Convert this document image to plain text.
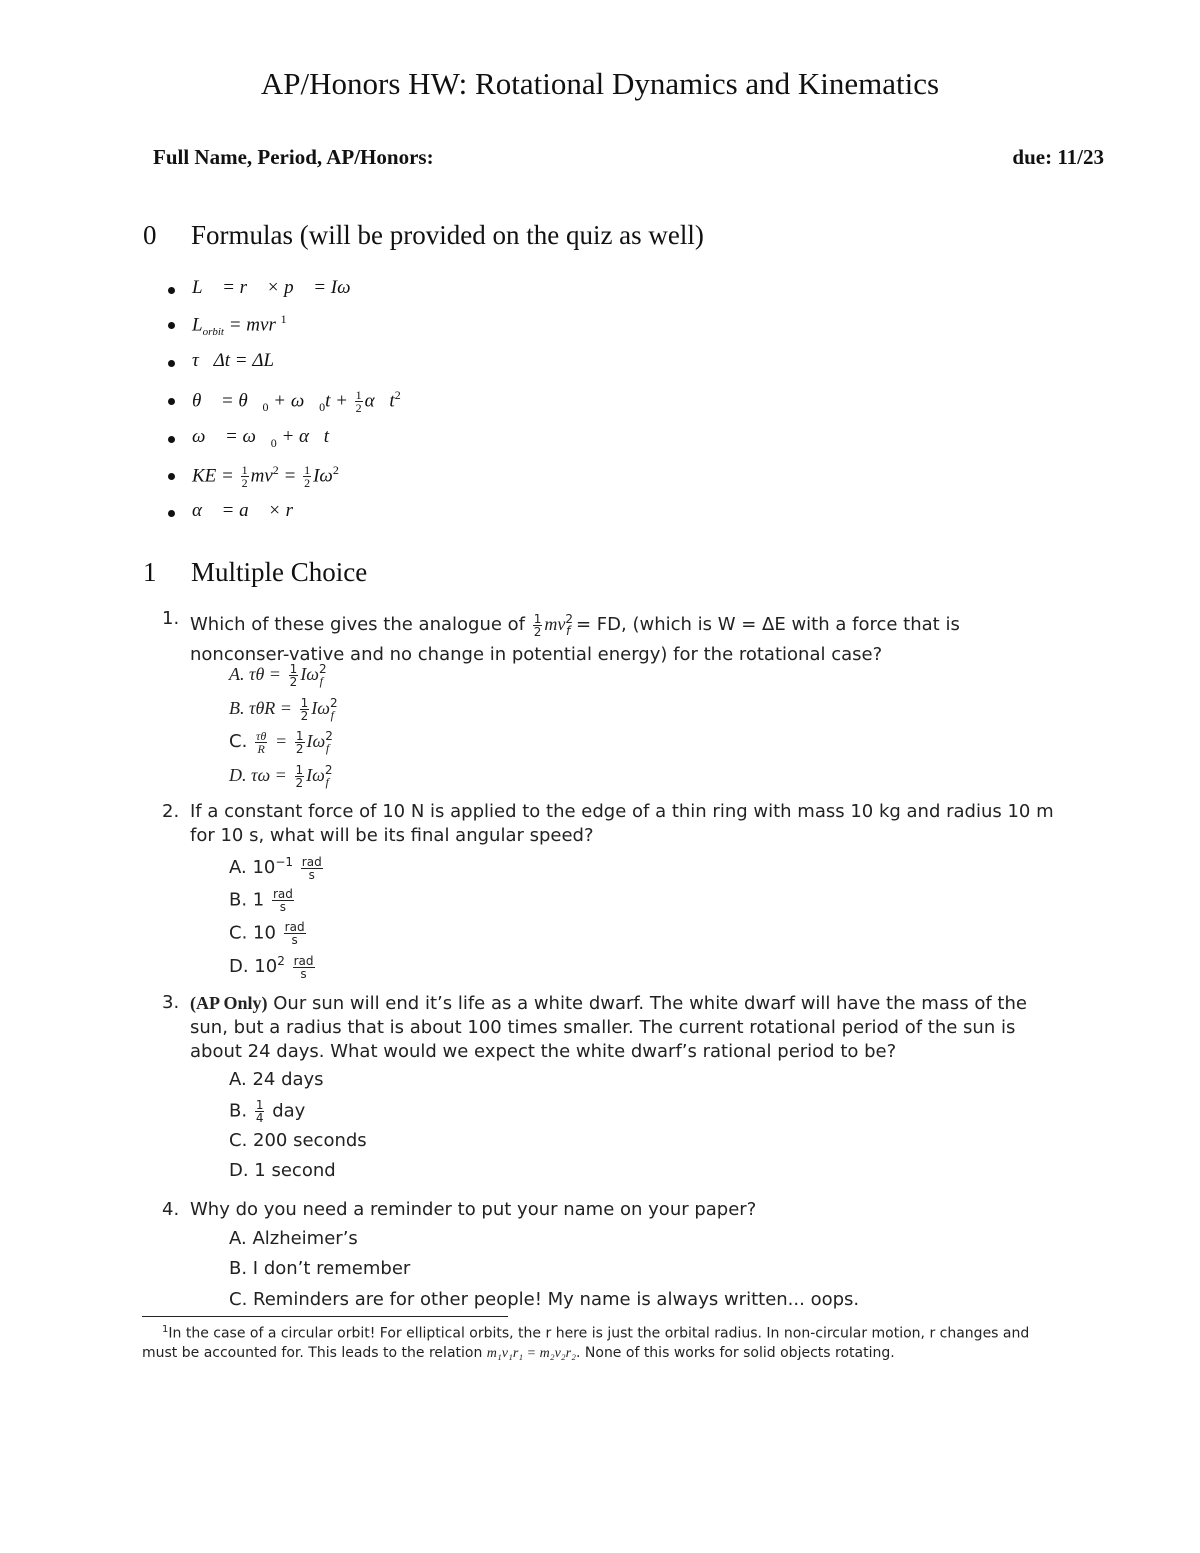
AP/Honors HW: Rotational Dynamics and Kinematics
Full Name, Period, AP/Honors:	due: 11/23
0 Formulas (will be provided on the quiz as well)
L⃗ = r⃗ × p⃗ = Iω⃗
$L_{orbit}$ = mvr $^1$
τ⃗Δt = ΔL⃗
θ⃗ = $\theta⃗_0$ + $\omega⃗_0t + \frac{1}{2}$ $\alpha⃗t^2$
ω⃗ = $\omega⃗_0$ + α⃗t
KE = $\frac{1}{2} mv^2 = \frac{1}{2} I\omega^2$
α⃗ = a⃗ × r⃗
1 Multiple Choice
1. Which of these gives the analogue of $\frac{1}{2} mv^2_f$ = FD, (which is W = ΔE with a force that is nonconser-vative and no change in potential energy) for the rotational case?
A. $\tau\theta = \frac{1}{2} I\omega^2_f$
B. $\tau\theta R = \frac{1}{2} I\omega^2_f$
C. $\frac{\tau\theta}{R} = \frac{1}{2} I\omega^2_f$
D. $\tau\omega = \frac{1}{2} I\omega^2_f$
2. If a constant force of 10 N is applied to the edge of a thin ring with mass 10 kg and radius 10 m for 10 s, what will be its final angular speed?
A. $10^{-1} \frac{\text{rad}}{s}$
B. $1 \frac{\text{rad}}{s}$
C. $10 \frac{\text{rad}}{s}$
D. $10^2 \frac{\text{rad}}{s}$
3. (AP Only) Our sun will end it’s life as a white dwarf. The white dwarf will have the mass of the sun, but a radius that is about 100 times smaller. The current rotational period of the sun is about 24 days. What would we expect the white dwarf’s rational period to be?
A. 24 days
B. $\frac{1}{4}$ day
C. 200 seconds
D. 1 second
4. Why do you need a reminder to put your name on your paper?
A. Alzheimer’s
B. I don’t remember
C. Reminders are for other people! My name is always written... oops.
$^1$In the case of a circular orbit! For elliptical orbits, the r here is just the orbital radius. In non-circular motion, r changes and must be accounted for. This leads to the relation m₁v₁r₁ = m₂v₂r₂. None of this works for solid objects rotating.
